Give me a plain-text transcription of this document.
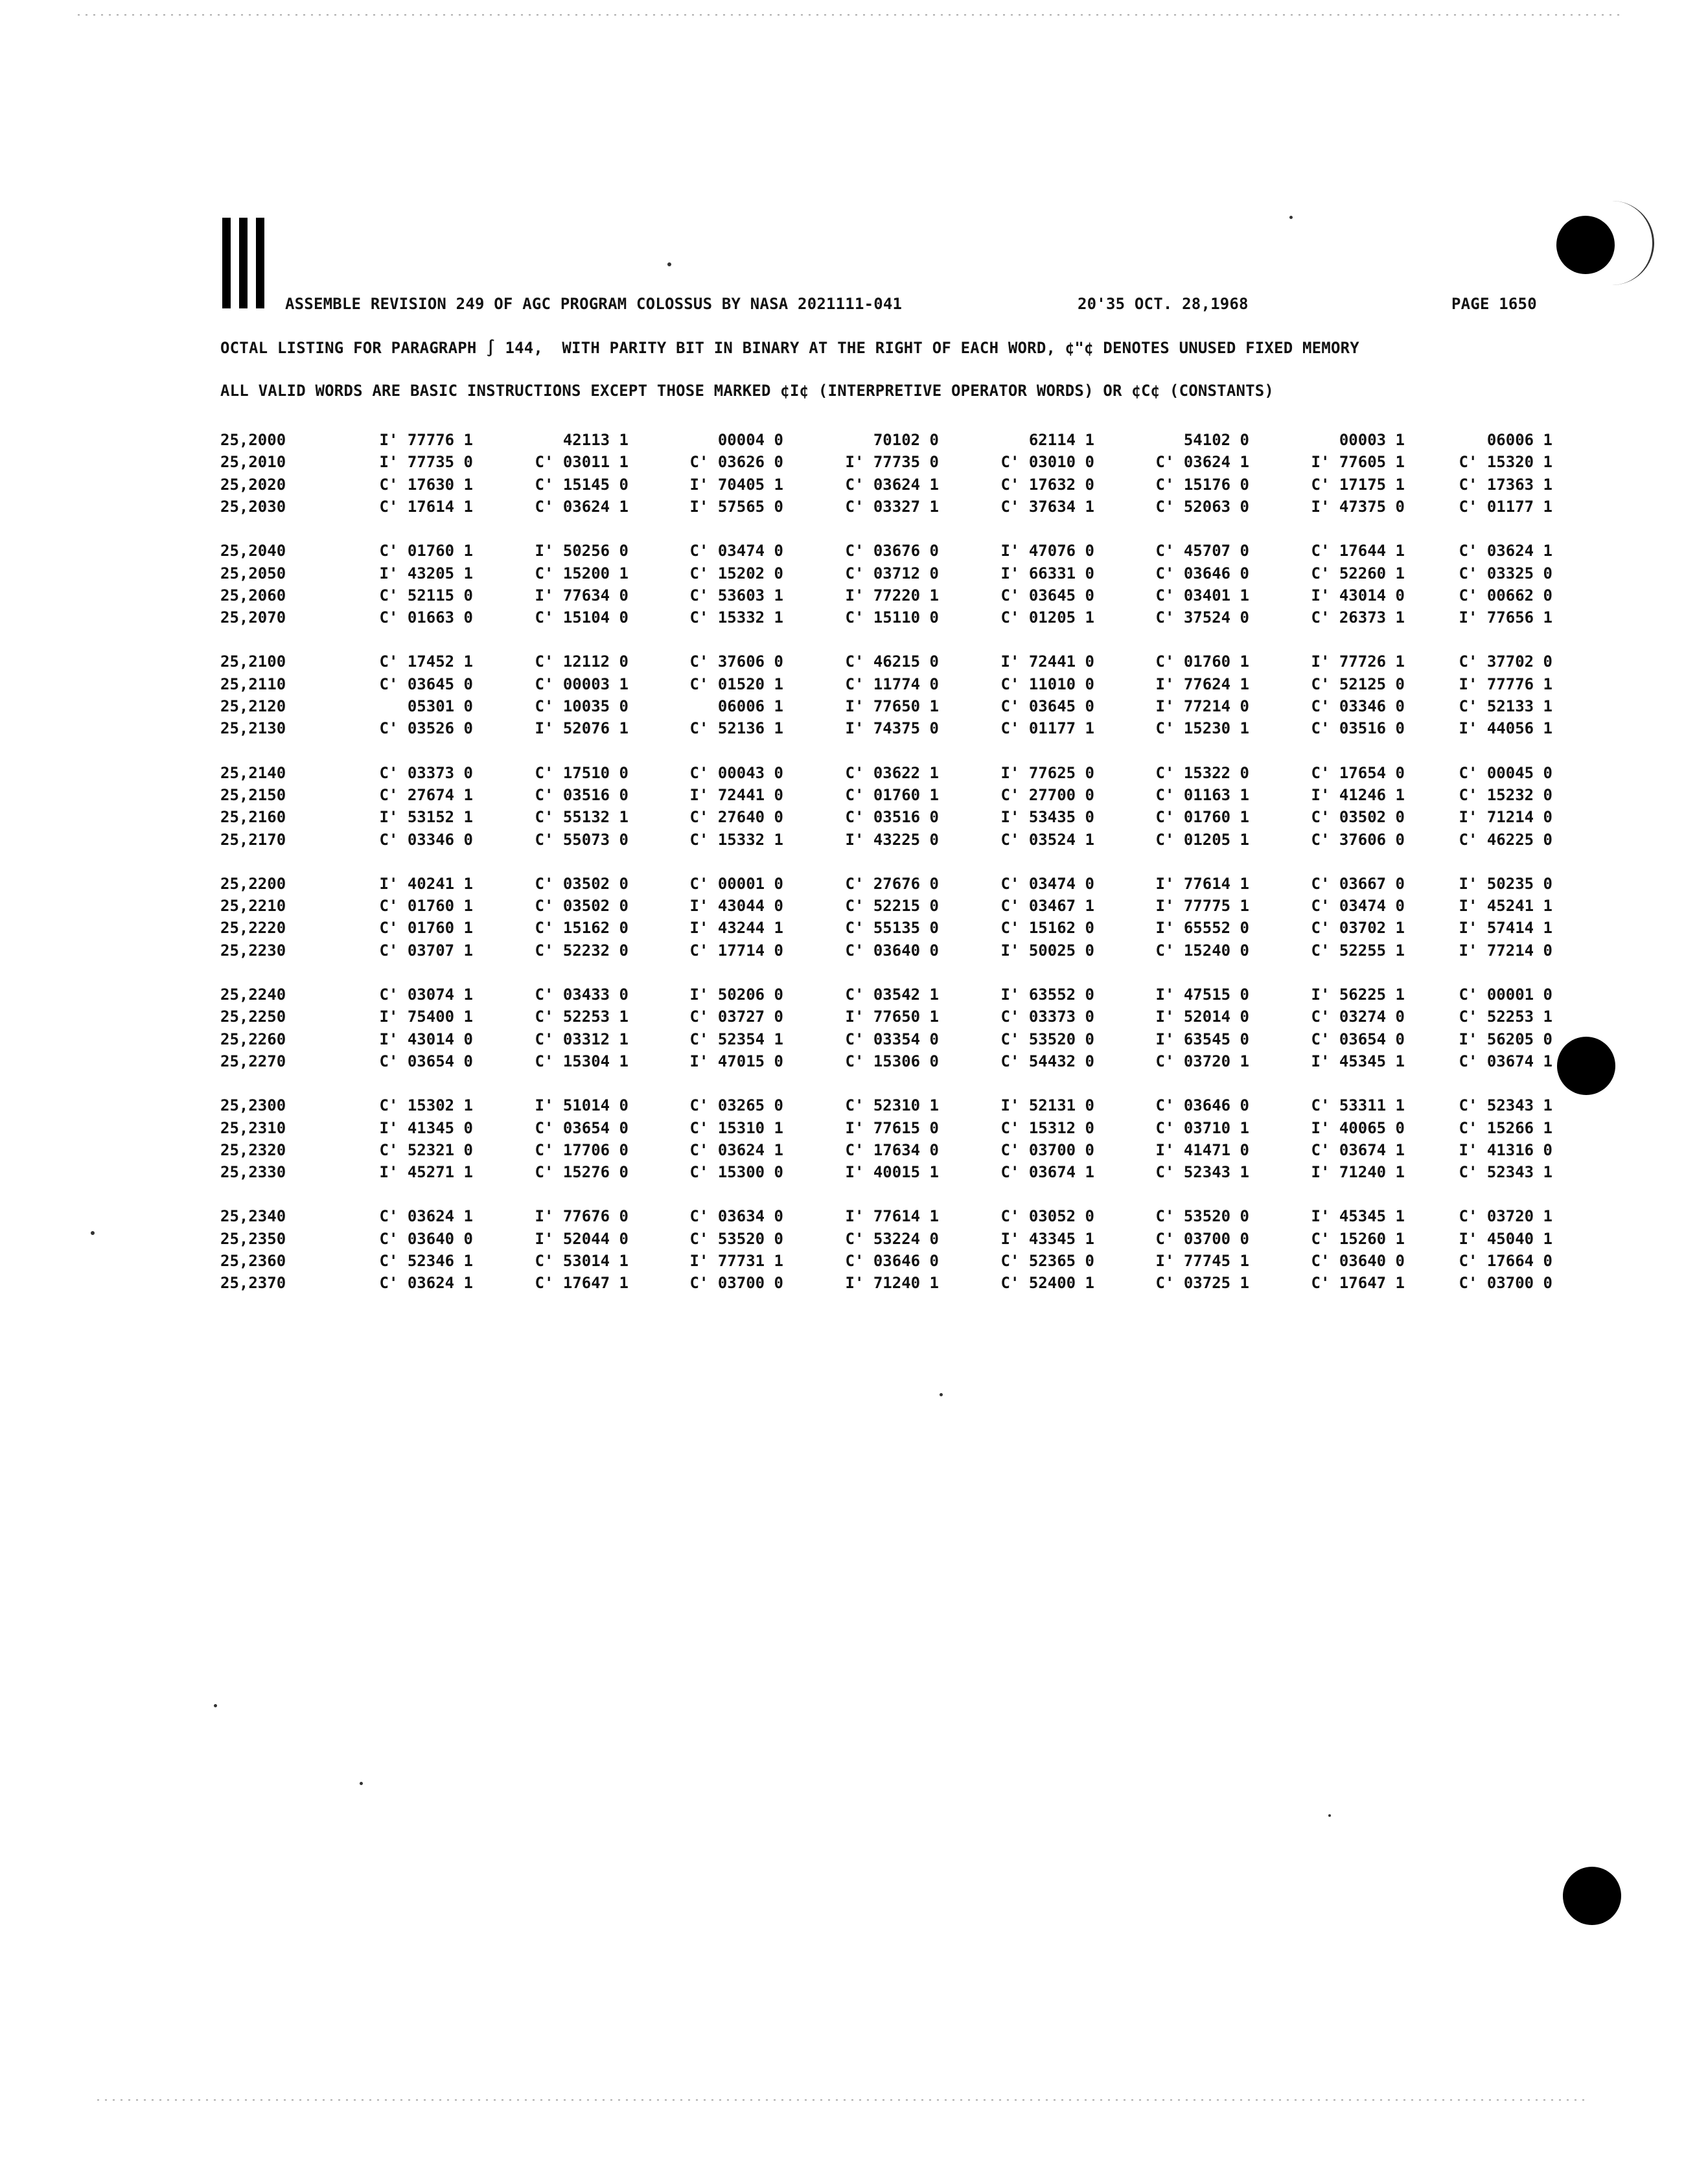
ASSEMBLE REVISION 249 OF AGC PROGRAM COLOSSUS BY NASA 2021111-041

	20'35 OCT. 28,1968

	PAGE 1650

OCTAL LISTING FOR PARAGRAPH ∫ 144,  WITH PARITY BIT IN BINARY AT THE RIGHT OF EACH WORD, ¢"¢ DENOTES UNUSED FIXED MEMORY
ALL VALID WORDS ARE BASIC INSTRUCTIONS EXCEPT THOSE MARKED ¢I¢ (INTERPRETIVE OPERATOR WORDS) OR ¢C¢ (CONSTANTS)
25,2000	I' 77776 1	42113 1	00004 0	70102 0	62114 1	54102 0	00003 1	06006 1
25,2010	I' 77735 0	C' 03011 1	C' 03626 0	I' 77735 0	C' 03010 0	C' 03624 1	I' 77605 1	C' 15320 1
25,2020	C' 17630 1	C' 15145 0	I' 70405 1	C' 03624 1	C' 17632 0	C' 15176 0	C' 17175 1	C' 17363 1
25,2030	C' 17614 1	C' 03624 1	I' 57565 0	C' 03327 1	C' 37634 1	C' 52063 0	I' 47375 0	C' 01177 1
25,2040	C' 01760 1	I' 50256 0	C' 03474 0	C' 03676 0	I' 47076 0	C' 45707 0	C' 17644 1	C' 03624 1
25,2050	I' 43205 1	C' 15200 1	C' 15202 0	C' 03712 0	I' 66331 0	C' 03646 0	C' 52260 1	C' 03325 0
25,2060	C' 52115 0	I' 77634 0	C' 53603 1	I' 77220 1	C' 03645 0	C' 03401 1	I' 43014 0	C' 00662 0
25,2070	C' 01663 0	C' 15104 0	C' 15332 1	C' 15110 0	C' 01205 1	C' 37524 0	C' 26373 1	I' 77656 1
25,2100	C' 17452 1	C' 12112 0	C' 37606 0	C' 46215 0	I' 72441 0	C' 01760 1	I' 77726 1	C' 37702 0
25,2110	C' 03645 0	C' 00003 1	C' 01520 1	C' 11774 0	C' 11010 0	I' 77624 1	C' 52125 0	I' 77776 1
25,2120	05301 0	C' 10035 0	06006 1	I' 77650 1	C' 03645 0	I' 77214 0	C' 03346 0	C' 52133 1
25,2130	C' 03526 0	I' 52076 1	C' 52136 1	I' 74375 0	C' 01177 1	C' 15230 1	C' 03516 0	I' 44056 1
25,2140	C' 03373 0	C' 17510 0	C' 00043 0	C' 03622 1	I' 77625 0	C' 15322 0	C' 17654 0	C' 00045 0
25,2150	C' 27674 1	C' 03516 0	I' 72441 0	C' 01760 1	C' 27700 0	C' 01163 1	I' 41246 1	C' 15232 0
25,2160	I' 53152 1	C' 55132 1	C' 27640 0	C' 03516 0	I' 53435 0	C' 01760 1	C' 03502 0	I' 71214 0
25,2170	C' 03346 0	C' 55073 0	C' 15332 1	I' 43225 0	C' 03524 1	C' 01205 1	C' 37606 0	C' 46225 0
25,2200	I' 40241 1	C' 03502 0	C' 00001 0	C' 27676 0	C' 03474 0	I' 77614 1	C' 03667 0	I' 50235 0
25,2210	C' 01760 1	C' 03502 0	I' 43044 0	C' 52215 0	C' 03467 1	I' 77775 1	C' 03474 0	I' 45241 1
25,2220	C' 01760 1	C' 15162 0	I' 43244 1	C' 55135 0	C' 15162 0	I' 65552 0	C' 03702 1	I' 57414 1
25,2230	C' 03707 1	C' 52232 0	C' 17714 0	C' 03640 0	I' 50025 0	C' 15240 0	C' 52255 1	I' 77214 0
25,2240	C' 03074 1	C' 03433 0	I' 50206 0	C' 03542 1	I' 63552 0	I' 47515 0	I' 56225 1	C' 00001 0
25,2250	I' 75400 1	C' 52253 1	C' 03727 0	I' 77650 1	C' 03373 0	I' 52014 0	C' 03274 0	C' 52253 1
25,2260	I' 43014 0	C' 03312 1	C' 52354 1	C' 03354 0	C' 53520 0	I' 63545 0	C' 03654 0	I' 56205 0
25,2270	C' 03654 0	C' 15304 1	I' 47015 0	C' 15306 0	C' 54432 0	C' 03720 1	I' 45345 1	C' 03674 1
25,2300	C' 15302 1	I' 51014 0	C' 03265 0	C' 52310 1	I' 52131 0	C' 03646 0	C' 53311 1	C' 52343 1
25,2310	I' 41345 0	C' 03654 0	C' 15310 1	I' 77615 0	C' 15312 0	C' 03710 1	I' 40065 0	C' 15266 1
25,2320	C' 52321 0	C' 17706 0	C' 03624 1	C' 17634 0	C' 03700 0	I' 41471 0	C' 03674 1	I' 41316 0
25,2330	I' 45271 1	C' 15276 0	C' 15300 0	I' 40015 1	C' 03674 1	C' 52343 1	I' 71240 1	C' 52343 1
25,2340	C' 03624 1	I' 77676 0	C' 03634 0	I' 77614 1	C' 03052 0	C' 53520 0	I' 45345 1	C' 03720 1
25,2350	C' 03640 0	I' 52044 0	C' 53520 0	C' 53224 0	I' 43345 1	C' 03700 0	C' 15260 1	I' 45040 1
25,2360	C' 52346 1	C' 53014 1	I' 77731 1	C' 03646 0	C' 52365 0	I' 77745 1	C' 03640 0	C' 17664 0
25,2370	C' 03624 1	C' 17647 1	C' 03700 0	I' 71240 1	C' 52400 1	C' 03725 1	C' 17647 1	C' 03700 0
